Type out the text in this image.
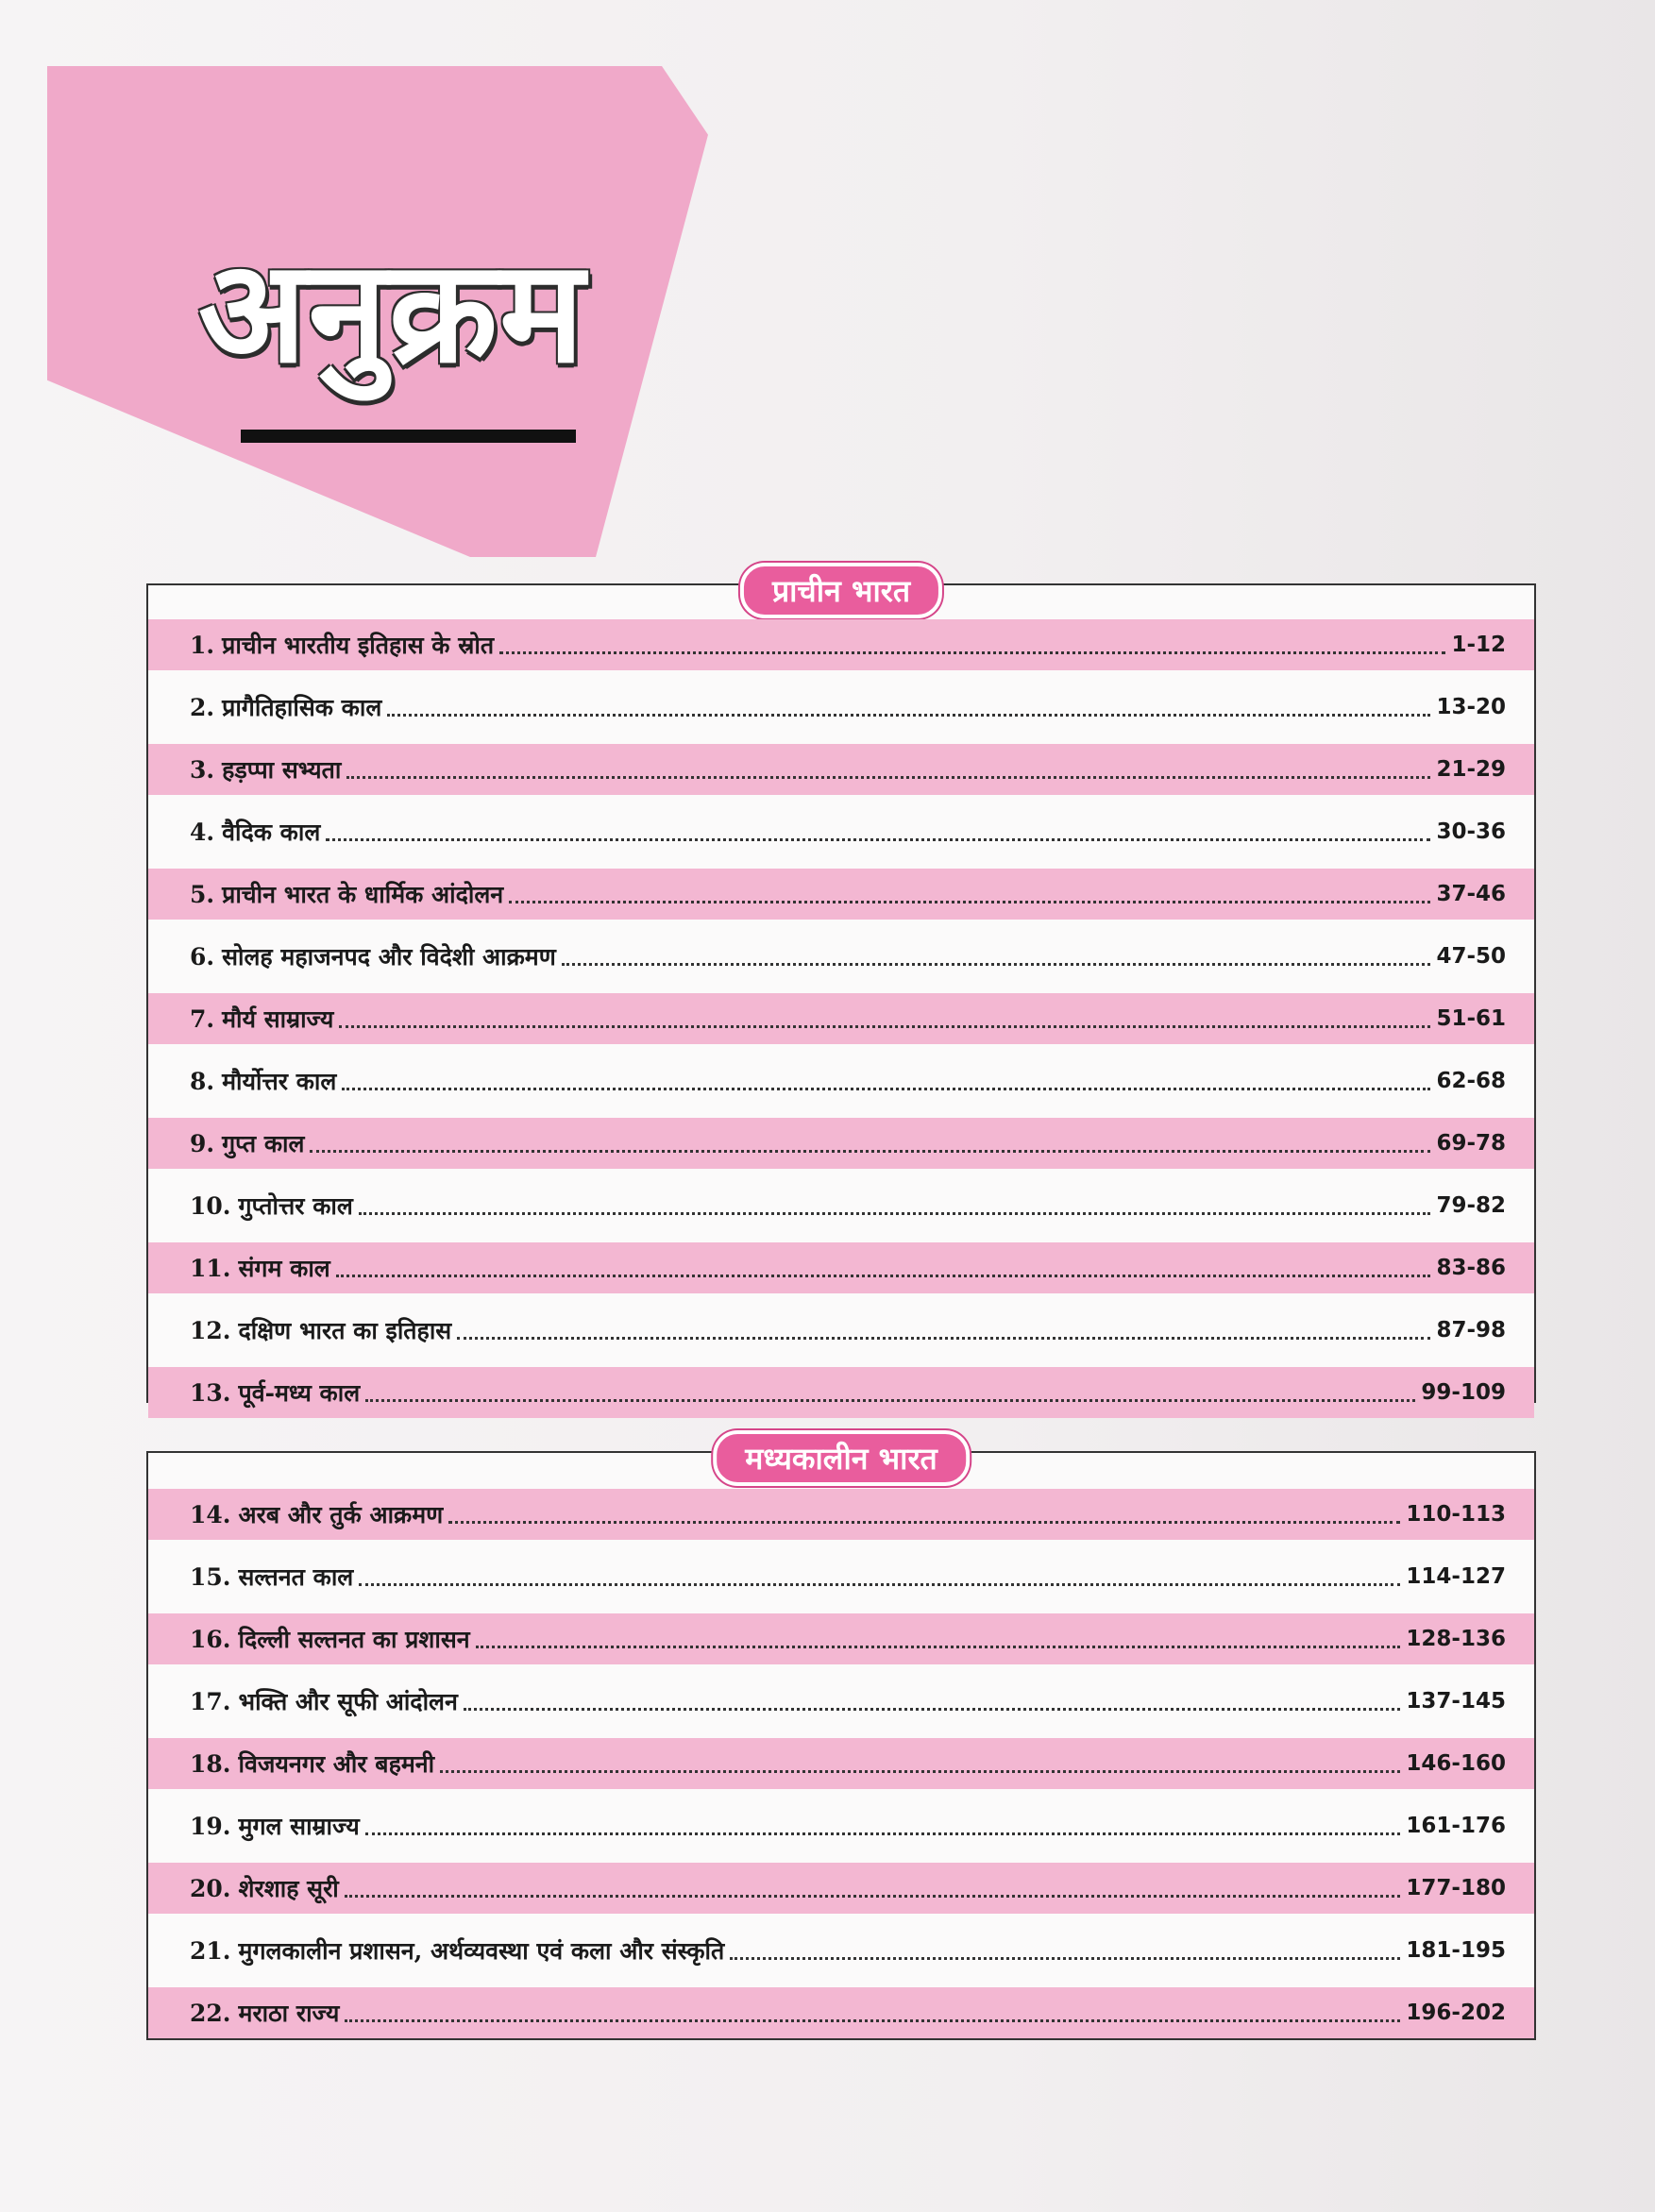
अनुक्रम
प्राचीन भारत
1. प्राचीन भारतीय इतिहास के स्रोत	1-12
2. प्रागैतिहासिक काल	13-20
3. हड़प्पा सभ्यता	21-29
4. वैदिक काल	30-36
5. प्राचीन भारत के धार्मिक आंदोलन	37-46
6. सोलह महाजनपद और विदेशी आक्रमण	47-50
7. मौर्य साम्राज्य	51-61
8. मौर्योत्तर काल	62-68
9. गुप्त काल	69-78
10. गुप्तोत्तर काल	79-82
11. संगम काल	83-86
12. दक्षिण भारत का इतिहास	87-98
13. पूर्व-मध्य काल	99-109
मध्यकालीन भारत
14. अरब और तुर्क आक्रमण	110-113
15. सल्तनत काल	114-127
16. दिल्ली सल्तनत का प्रशासन	128-136
17. भक्ति और सूफी आंदोलन	137-145
18. विजयनगर और बहमनी	146-160
19. मुगल साम्राज्य	161-176
20. शेरशाह सूरी	177-180
21. मुगलकालीन प्रशासन, अर्थव्यवस्था एवं कला और संस्कृति	181-195
22. मराठा राज्य	196-202
